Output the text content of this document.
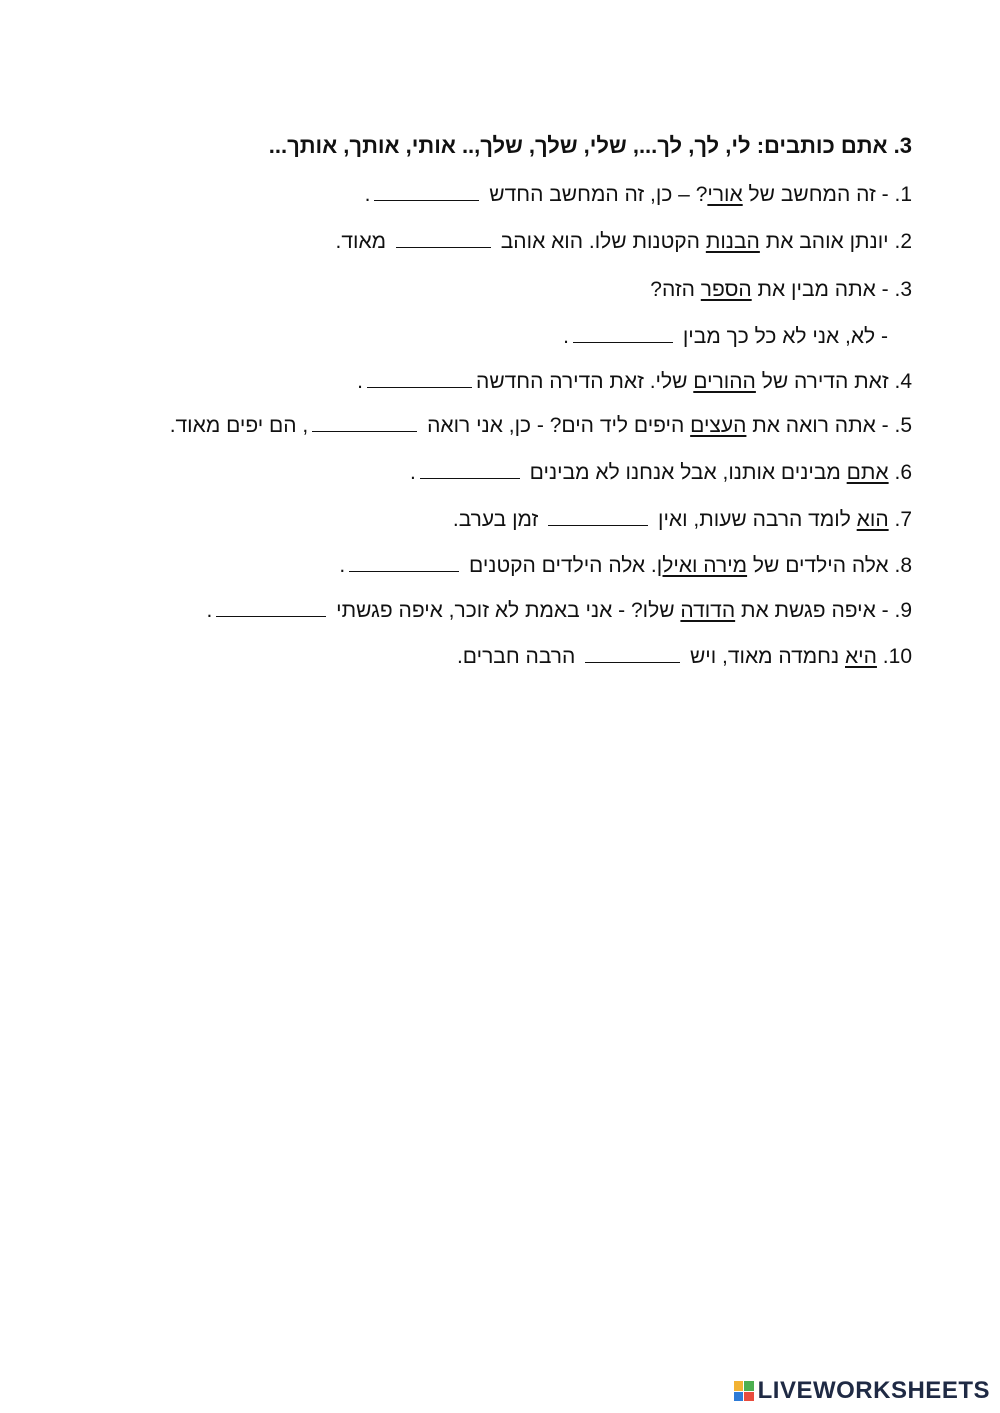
3. אתם כותבים: לי, לך, לך..., שלי, שלך, שלך,.. אותי, אותך, אותך...
1. - זה המחשב של אורי? – כן, זה המחשב החדש .
2. יונתן אוהב את הבנות הקטנות שלו. הוא אוהב  מאוד.
3. - אתה מבין את הספר הזה?
- לא, אני לא כל כך מבין .
4. זאת הדירה של ההורים שלי. זאת הדירה החדשה.
5. - אתה רואה את העצים היפים ליד הים? - כן, אני רואה , הם יפים מאוד.
6. אתם מבינים אותנו, אבל אנחנו לא מבינים .
7. הוא לומד הרבה שעות, ואין  זמן בערב.
8. אלה הילדים של מירה ואילן. אלה הילדים הקטנים .
9. - איפה פגשת את הדודה שלו? - אני באמת לא זוכר, איפה פגשתי .
10. היא נחמדה מאוד, ויש  הרבה חברים.
LIVEWORKSHEETS
